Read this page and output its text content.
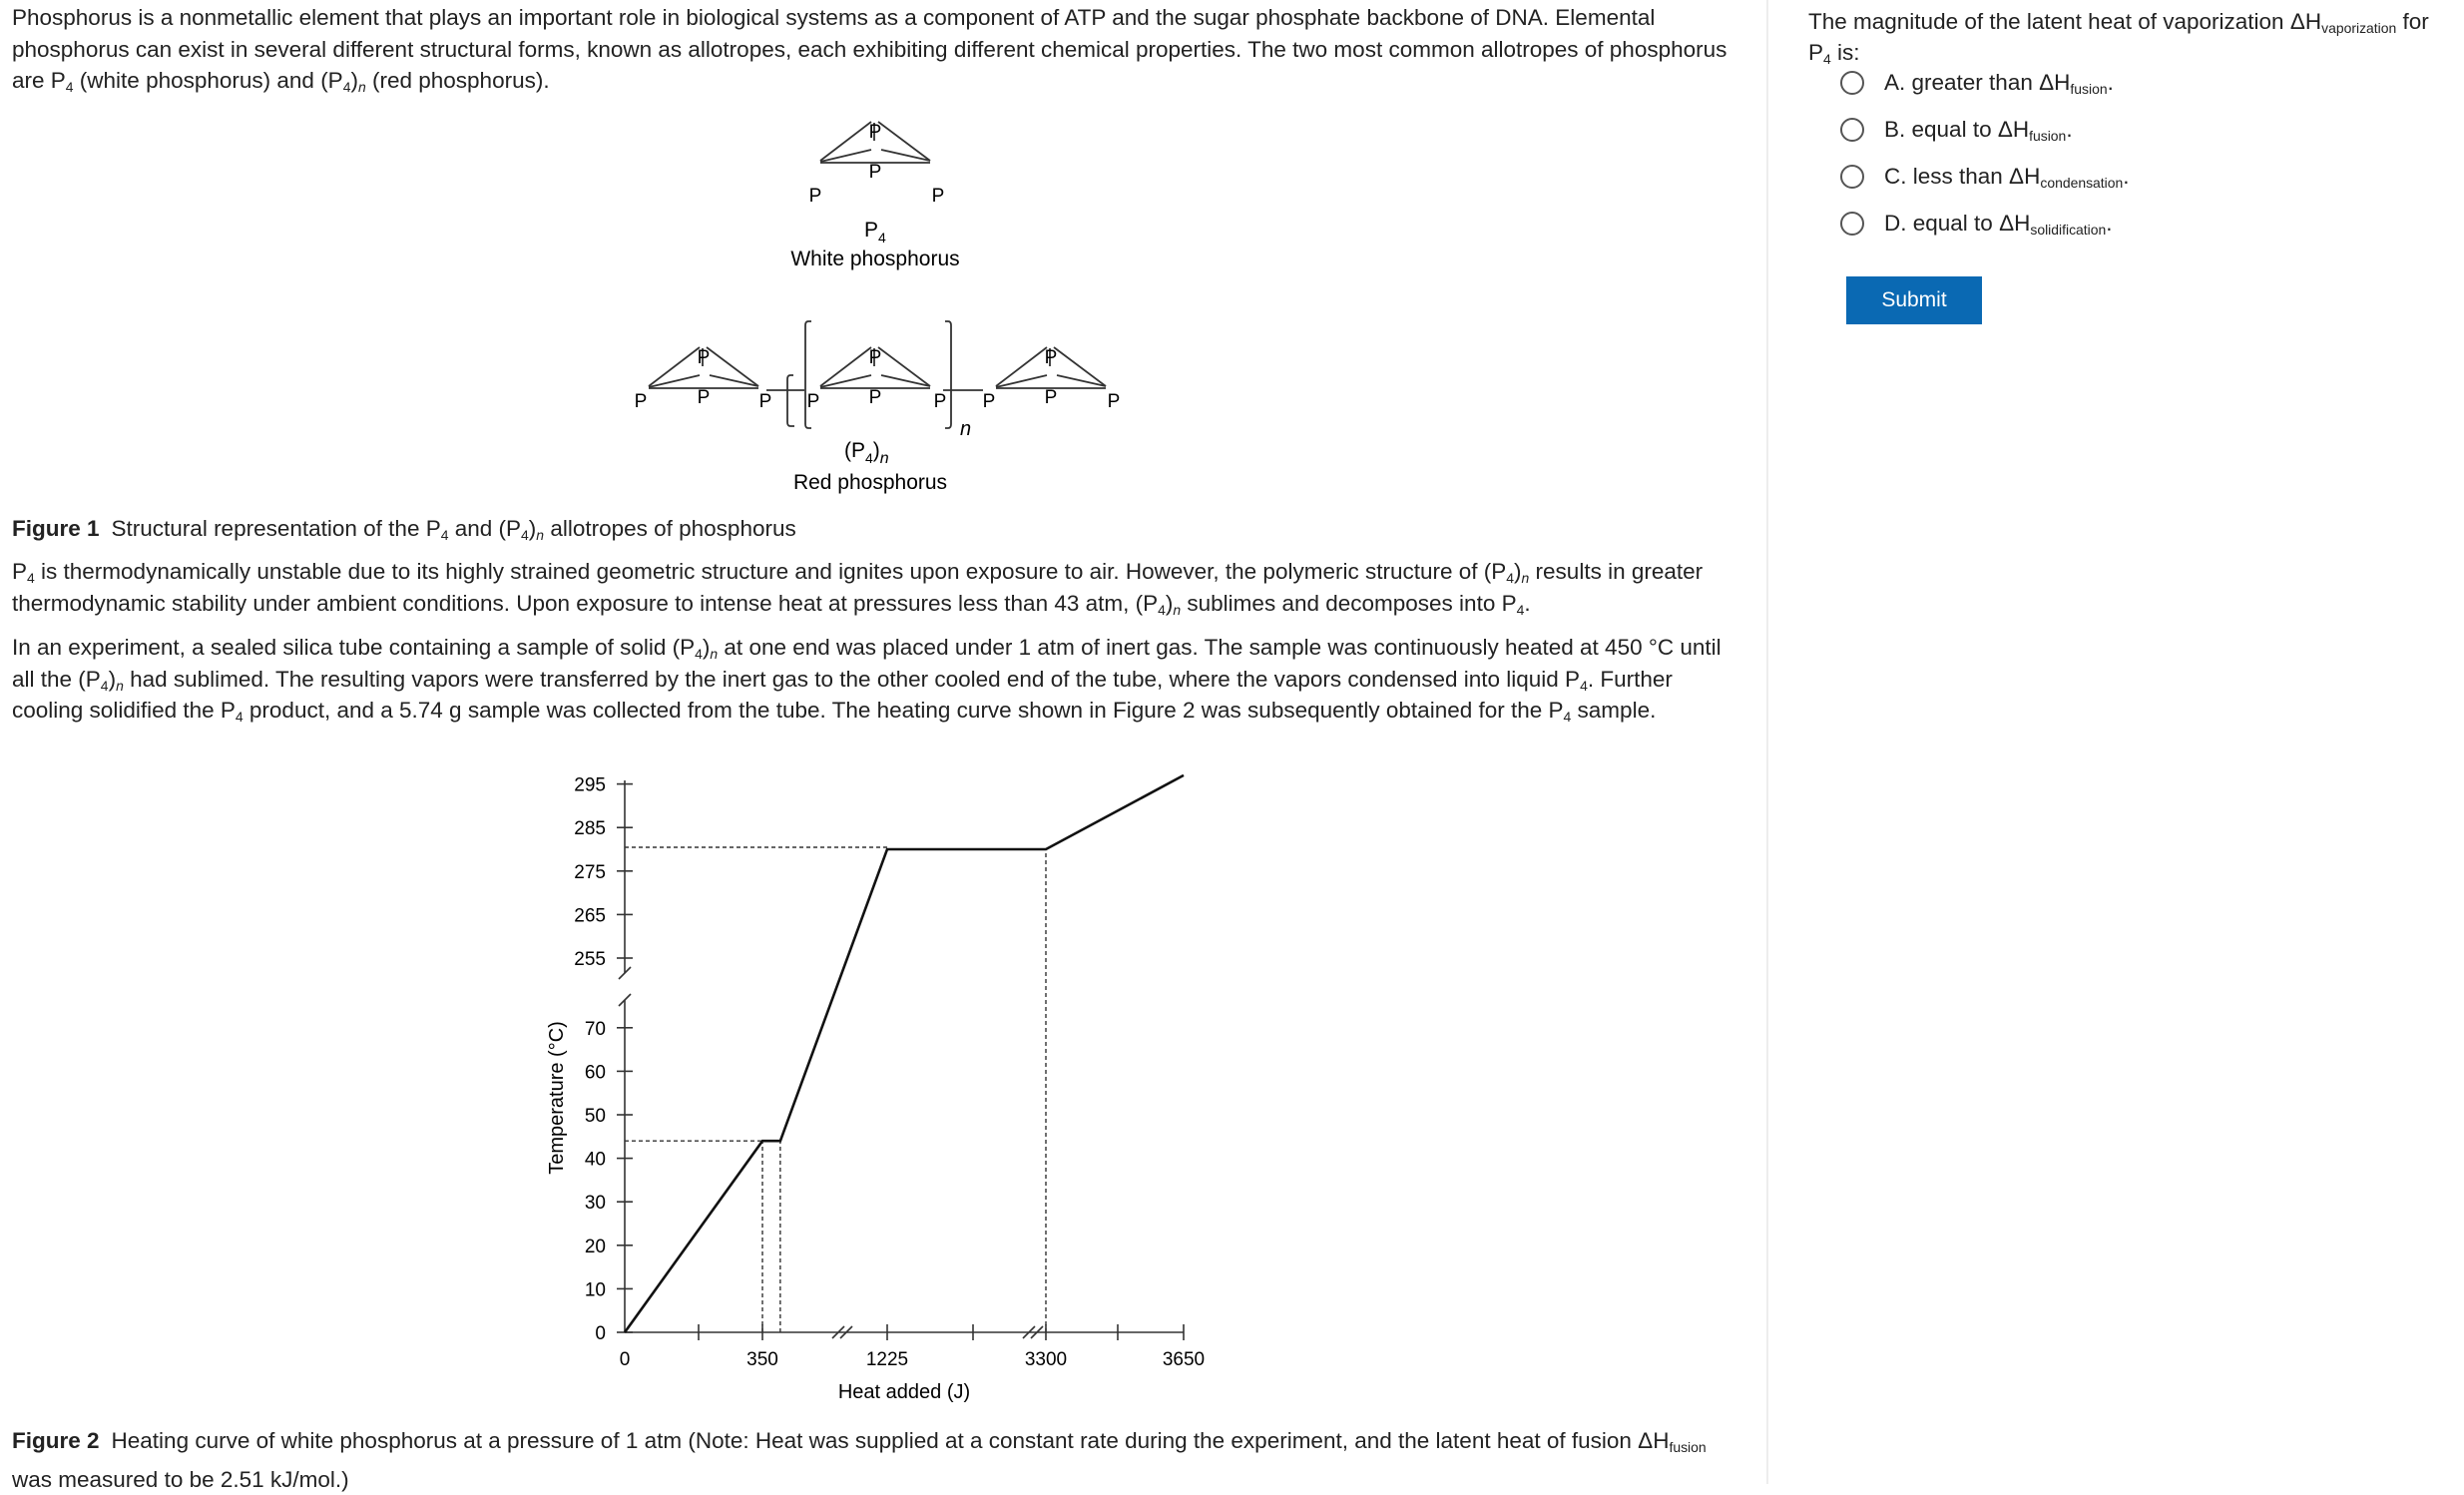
Phosphorus is a nonmetallic element that plays an important role in biological systems as a component of ATP and the sugar phosphate backbone of DNA. Elemental phosphorus can exist in several different structural forms, known as allotropes, each exhibiting different chemical properties. The two most common allotropes of phosphorus are $P_4$ (white phosphorus) and $(P_4)_n$ (red phosphorus).

P
P
P	P
$P_4$
White phosphorus
n
P
P
P	P
P
P
P	P
P
P
P	P
$(P_4)_n$
Red phosphorus

Figure 1 Structural representation of the $P_4$ and $(P_4)_n$ allotropes of phosphorus

$P_4$ is thermodynamically unstable due to its highly strained geometric structure and ignites upon exposure to air. However, the polymeric structure of $(P_4)_n$ results in greater thermodynamic stability under ambient conditions. Upon exposure to intense heat at pressures less than 43 atm, $(P_4)_n$ sublimes and decomposes into $P_4$.

In an experiment, a sealed silica tube containing a sample of solid $(P_4)_n$ at one end was placed under 1 atm of inert gas. The sample was continuously heated at 450 °C until all the $(P_4)_n$ had sublimed. The resulting vapors were transferred by the inert gas to the other cooled end of the tube, where the vapors condensed into liquid $P_4$. Further cooling solidified the $P_4$ product, and a 5.74 g sample was collected from the tube. The heating curve shown in Figure 2 was subsequently obtained for the $P_4$ sample.

0
10
20
30
40
50
60
70
255
265
275
285
295
0	350	1225	3300	3650
Heat added (J)
Temperature (°C)

Figure 2 Heating curve of white phosphorus at a pressure of 1 atm (Note: Heat was supplied at a constant rate during the experiment, and the latent heat of fusion $\Delta H_{fusion}$ was measured to be 2.51 kJ/mol.)

The magnitude of the latent heat of vaporization $\Delta H_{vaporization}$ for $P_4$ is:
A. greater than $\Delta H_{fusion}$.
B. equal to $\Delta H_{fusion}$.
C. less than $\Delta H_{condensation}$.
D. equal to $\Delta H_{solidification}$.
Submit
